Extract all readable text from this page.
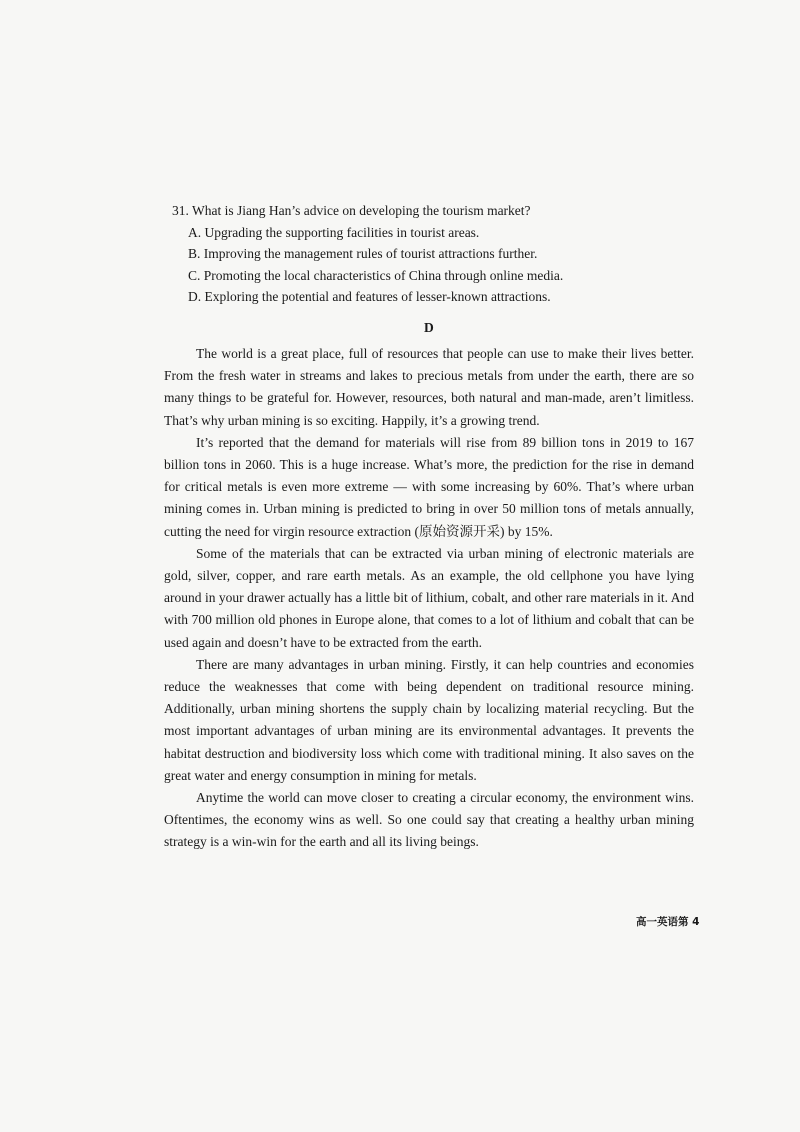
31. What is Jiang Han’s advice on developing the tourism market?

A. Upgrading the supporting facilities in tourist areas.

B. Improving the management rules of tourist attractions further.

C. Promoting the local characteristics of China through online media.

D. Exploring the potential and features of lesser-known attractions.

D

The world is a great place, full of resources that people can use to make their lives better. From the fresh water in streams and lakes to precious metals from under the earth, there are so many things to be grateful for. However, resources, both natural and man-made, aren’t limitless. That’s why urban mining is so exciting. Happily, it’s a growing trend.

It’s reported that the demand for materials will rise from 89 billion tons in 2019 to 167 billion tons in 2060. This is a huge increase. What’s more, the prediction for the rise in demand for critical metals is even more extreme — with some increasing by 60%. That’s where urban mining comes in. Urban mining is predicted to bring in over 50 million tons of metals annually, cutting the need for virgin resource extraction (原始资源开采) by 15%.

Some of the materials that can be extracted via urban mining of electronic materials are gold, silver, copper, and rare earth metals. As an example, the old cellphone you have lying around in your drawer actually has a little bit of lithium, cobalt, and other rare materials in it. And with 700 million old phones in Europe alone, that comes to a lot of lithium and cobalt that can be used again and doesn’t have to be extracted from the earth.

There are many advantages in urban mining. Firstly, it can help countries and economies reduce the weaknesses that come with being dependent on traditional resource mining. Additionally, urban mining shortens the supply chain by localizing material recycling. But the most important advantages of urban mining are its environmental advantages. It prevents the habitat destruction and biodiversity loss which come with traditional mining. It also saves on the great water and energy consumption in mining for metals.

Anytime the world can move closer to creating a circular economy, the environment wins. Oftentimes, the economy wins as well. So one could say that creating a healthy urban mining strategy is a win-win for the earth and all its living beings.

高一英语第 4
